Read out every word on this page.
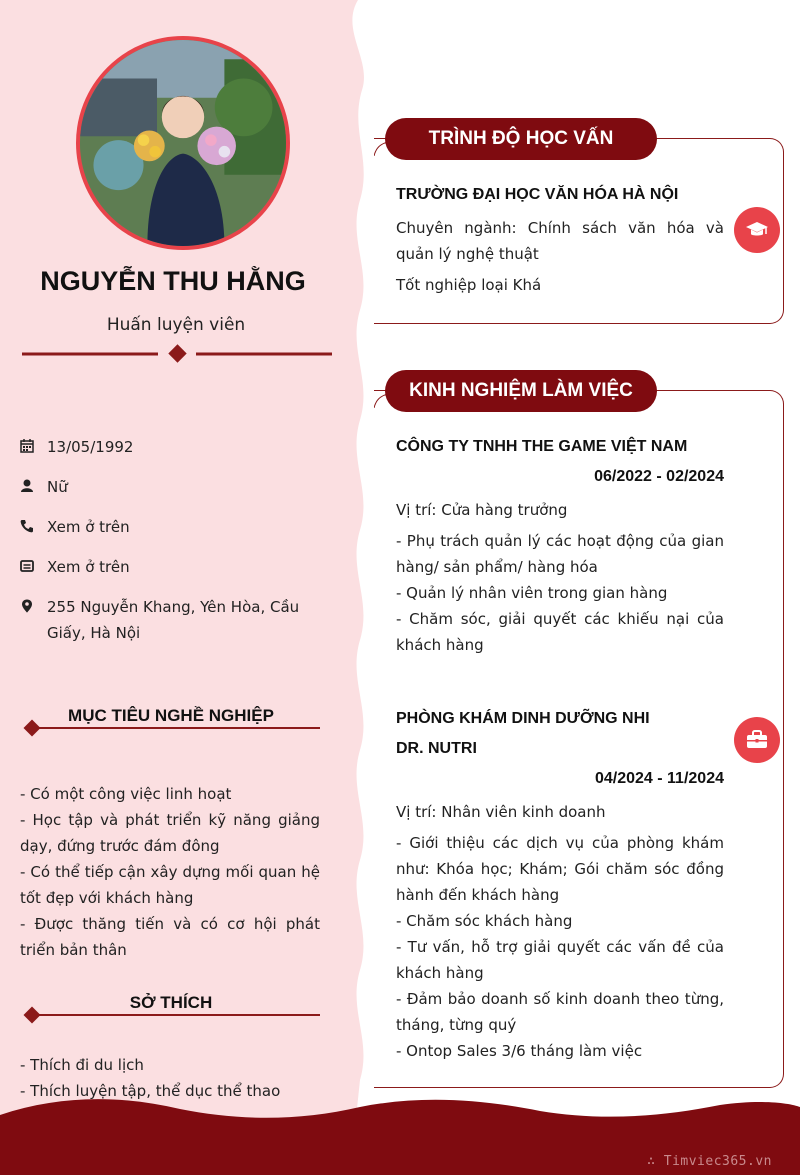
NGUYỄN THU HẰNG
Huấn luyện viên
13/05/1992
Nữ
Xem ở trên
Xem ở trên
255 Nguyễn Khang, Yên Hòa, Cầu Giấy, Hà Nội
MỤC TIÊU NGHỀ NGHIỆP
- Có một công việc linh hoạt
- Học tập và phát triển kỹ năng giảng dạy, đứng trước đám đông
- Có thể tiếp cận xây dựng mối quan hệ tốt đẹp với khách hàng
- Được thăng tiến và có cơ hội phát triển bản thân
SỞ THÍCH
- Thích đi du lịch
- Thích luyện tập, thể dục thể thao
TRÌNH ĐỘ HỌC VẤN
TRƯỜNG ĐẠI HỌC VĂN HÓA HÀ NỘI
Chuyên ngành: Chính sách văn hóa và quản lý nghệ thuật
Tốt nghiệp loại Khá
KINH NGHIỆM LÀM VIỆC
CÔNG TY TNHH THE GAME VIỆT NAM
06/2022 - 02/2024
Vị trí: Cửa hàng trưởng
- Phụ trách quản lý các hoạt động của gian hàng/ sản phẩm/ hàng hóa
- Quản lý nhân viên trong gian hàng
- Chăm sóc, giải quyết các khiếu nại của khách hàng
PHÒNG KHÁM DINH DƯỠNG NHI
DR. NUTRI
04/2024 - 11/2024
Vị trí: Nhân viên kinh doanh
- Giới thiệu các dịch vụ của phòng khám như: Khóa học; Khám; Gói chăm sóc đồng hành đến khách hàng
- Chăm sóc khách hàng
- Tư vấn, hỗ trợ giải quyết các vấn đề của khách hàng
- Đảm bảo doanh số kinh doanh theo từng, tháng, từng quý
- Ontop Sales 3/6 tháng làm việc
∴ Timviec365.vn
